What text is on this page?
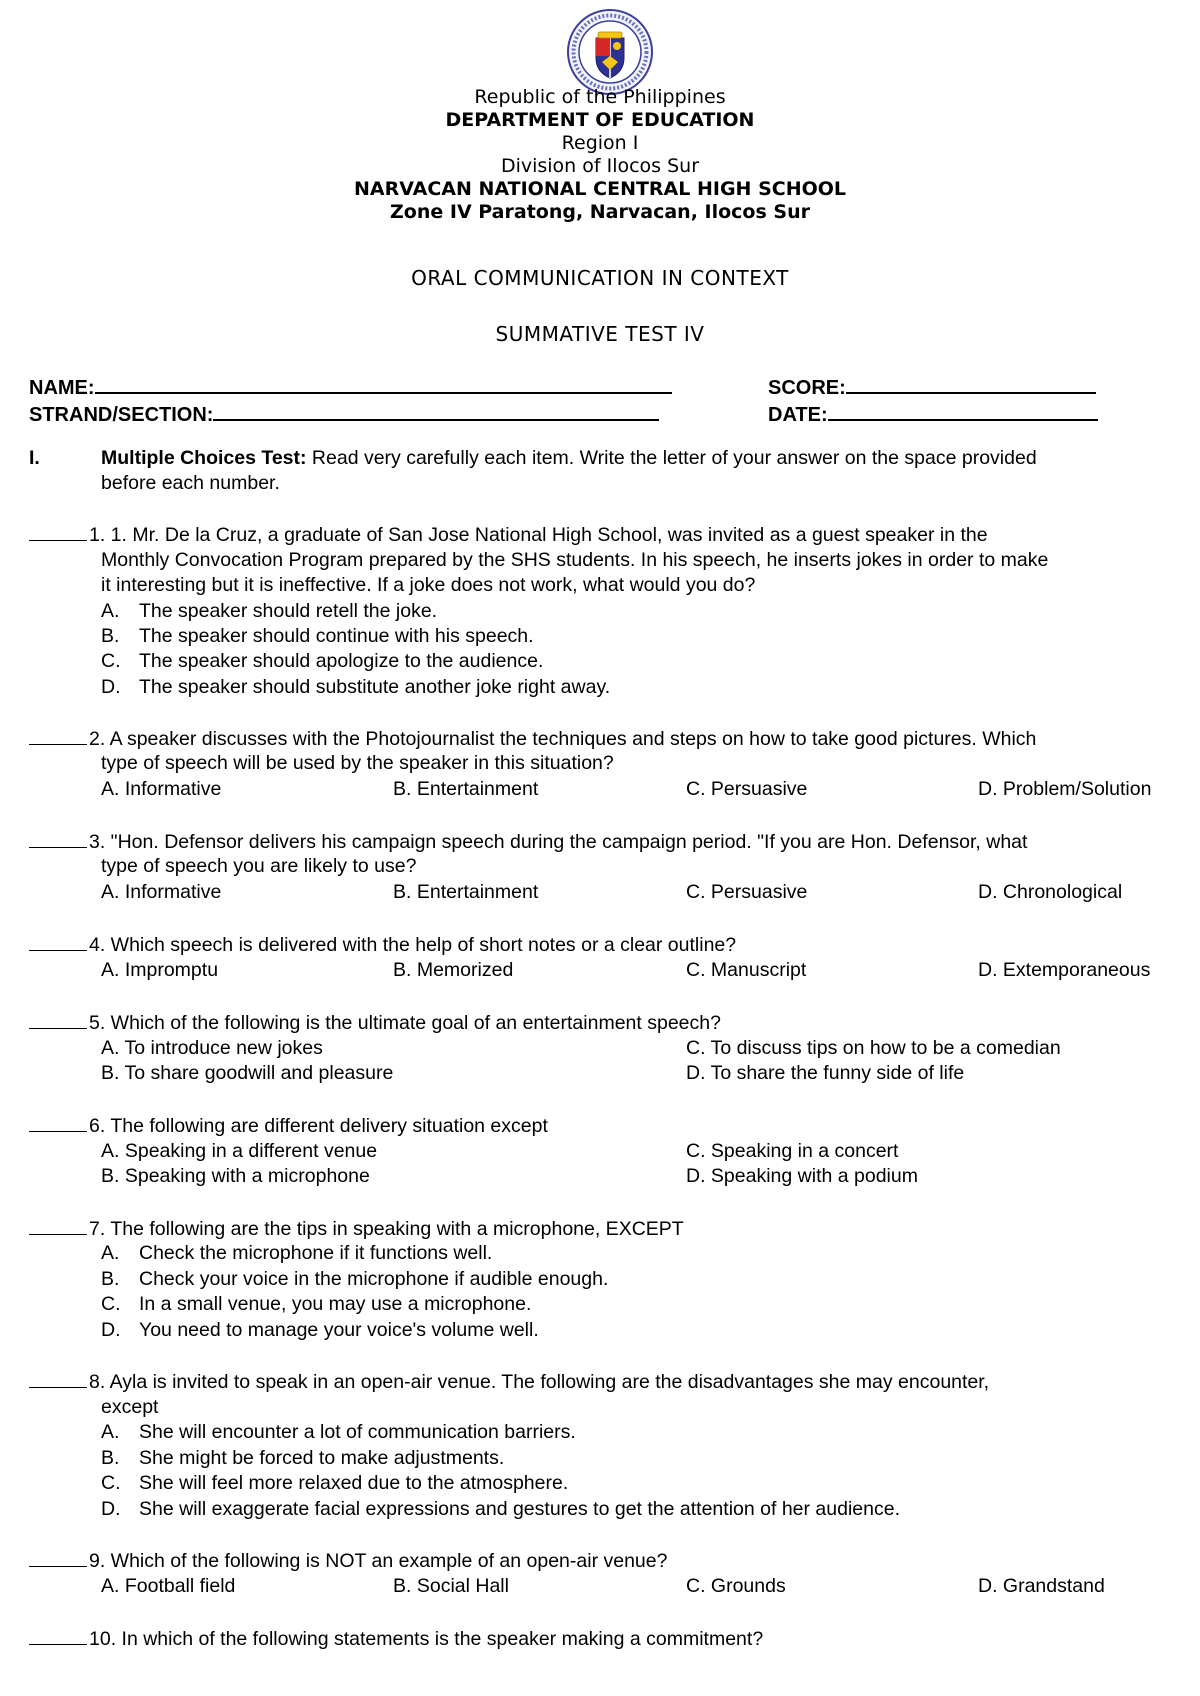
Republic of the Philippines
DEPARTMENT OF EDUCATION
Region I
Division of Ilocos Sur
NARVACAN NATIONAL CENTRAL HIGH SCHOOL
Zone IV Paratong, Narvacan, Ilocos Sur
ORAL COMMUNICATION IN CONTEXT
SUMMATIVE TEST IV
NAME:	SCORE:
STRAND/SECTION:	DATE:
I.	Multiple Choices Test: Read very carefully each item. Write the letter of your answer on the space provided
before each number.
1. 1. Mr. De la Cruz, a graduate of San Jose National High School, was invited as a guest speaker in the
Monthly Convocation Program prepared by the SHS students. In his speech, he inserts jokes in order to make
it interesting but it is ineffective. If a joke does not work, what would you do?
A. The speaker should retell the joke.
B. The speaker should continue with his speech.
C. The speaker should apologize to the audience.
D. The speaker should substitute another joke right away.
2. A speaker discusses with the Photojournalist the techniques and steps on how to take good pictures. Which
type of speech will be used by the speaker in this situation?
A. Informative	B. Entertainment	C. Persuasive	D. Problem/Solution
3. "Hon. Defensor delivers his campaign speech during the campaign period. "If you are Hon. Defensor, what
type of speech you are likely to use?
A. Informative	B. Entertainment	C. Persuasive	D. Chronological
4. Which speech is delivered with the help of short notes or a clear outline?
A. Impromptu	B. Memorized	C. Manuscript	D. Extemporaneous
5. Which of the following is the ultimate goal of an entertainment speech?
A. To introduce new jokes	C. To discuss tips on how to be a comedian
B. To share goodwill and pleasure	D. To share the funny side of life
6. The following are different delivery situation except
A. Speaking in a different venue	C. Speaking in a concert
B. Speaking with a microphone	D. Speaking with a podium
7. The following are the tips in speaking with a microphone, EXCEPT
A. Check the microphone if it functions well.
B. Check your voice in the microphone if audible enough.
C. In a small venue, you may use a microphone.
D. You need to manage your voice's volume well.
8. Ayla is invited to speak in an open-air venue. The following are the disadvantages she may encounter,
except
A. She will encounter a lot of communication barriers.
B. She might be forced to make adjustments.
C. She will feel more relaxed due to the atmosphere.
D. She will exaggerate facial expressions and gestures to get the attention of her audience.
9. Which of the following is NOT an example of an open-air venue?
A. Football field	B. Social Hall	C. Grounds	D. Grandstand
10. In which of the following statements is the speaker making a commitment?
